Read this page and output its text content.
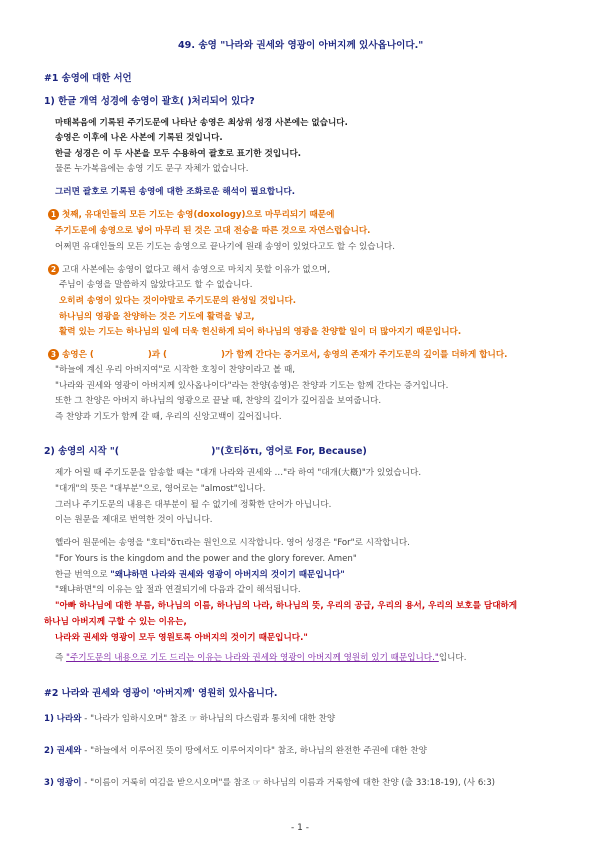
49. 송영 "나라와 권세와 영광이 아버지께 있사옵나이다."
#1 송영에 대한 서언
1) 한글 개역 성경에 송영이 괄호( )처리되어 있다?
마태복음에 기록된 주기도문에 나타난 송영은 최상위 성경 사본에는 없습니다.
송영은 이후에 나온 사본에 기록된 것입니다.
한글 성경은 이 두 사본을 모두 수용하여 괄호로 표기한 것입니다.
물론 누가복음에는 송영 기도 문구 자체가 없습니다.
그러면 괄호로 기록된 송영에 대한 조화로운 해석이 필요합니다.
1 첫째, 유대인들의 모든 기도는 송영(doxology)으로 마무리되기 때문에
주기도문에 송영으로 넣어 마무리 된 것은 고대 전승을 따른 것으로 자연스럽습니다.
어쩌면 유대인들의 모든 기도는 송영으로 끝나기에 원래 송영이 있었다고도 할 수 있습니다.
2 고대 사본에는 송영이 없다고 해서 송영으로 마치지 못할 이유가 없으며,
주님이 송영을 말씀하지 않았다고도 할 수 없습니다.
오히려 송영이 있다는 것이야말로 주기도문의 완성일 것입니다.
하나님의 영광을 찬양하는 것은 기도에 활력을 넣고,
활력 있는 기도는 하나님의 일에 더욱 헌신하게 되어 하나님의 영광을 찬양할 일이 더 많아지기 때문입니다.
3 송영은 (	)과 (	)가 함께 간다는 증거로서, 송영의 존재가 주기도문의 깊이를 더하게 합니다.
"하늘에 계신 우리 아버지여"로 시작한 호칭이 찬양이라고 볼 때,
"나라와 권세와 영광이 아버지께 있사옵나이다"라는 찬양(송영)은 찬양과 기도는 함께 간다는 증거입니다.
또한 그 찬양은 아버지 하나님의 영광으로 끝날 때, 찬양의 깊이가 깊어짐을 보여줍니다.
즉 찬양과 기도가 함께 갈 때, 우리의 신앙고백이 깊어집니다.
2) 송영의 시작 "(	)"(호티ὅτι, 영어로 For, Because)
제가 어릴 때 주기도문을 암송할 때는 "대개 나라와 권세와 …"라 하여 "대개(大槪)"가 있었습니다.
"대개"의 뜻은 "대부분"으로, 영어로는 "almost"입니다.
그러나 주기도문의 내용은 대부분이 될 수 없기에 정확한 단어가 아닙니다.
이는 원문을 제대로 번역한 것이 아닙니다.
헬라어 원문에는 송영을 "호티"ὅτι라는 원인으로 시작합니다. 영어 성경은 "For"로 시작합니다.
"For Yours is the kingdom and the power and the glory forever. Amen"
한글 번역으로 "왜냐하면 나라와 권세와 영광이 아버지의 것이기 때문입니다"
"왜냐하면"의 이유는 앞 절과 연결되기에 다음과 같이 해석됩니다.
"아빠 하나님에 대한 부름, 하나님의 이름, 하나님의 나라, 하나님의 뜻, 우리의 공급, 우리의 용서, 우리의 보호를 담대하게
하나님 아버지께 구할 수 있는 이유는,
나라와 권세와 영광이 모두 영원토록 아버지의 것이기 때문입니다."
즉 "주기도문의 내용으로 기도 드리는 이유는 나라와 권세와 영광이 아버지께 영원히 있기 때문입니다."입니다.
#2 나라와 권세와 영광이 '아버지께' 영원히 있사옵니다.
1) 나라와 - "나라가 임하시오며" 참조 ☞ 하나님의 다스림과 통치에 대한 찬양
2) 권세와 - "하늘에서 이루어진 뜻이 땅에서도 이루어지이다" 참조, 하나님의 완전한 주권에 대한 찬양
3) 영광이 - "이름이 거룩히 여김을 받으시오며"를 참조 ☞ 하나님의 이름과 거룩함에 대한 찬양 (출 33:18-19), (사 6:3)
- 1 -
